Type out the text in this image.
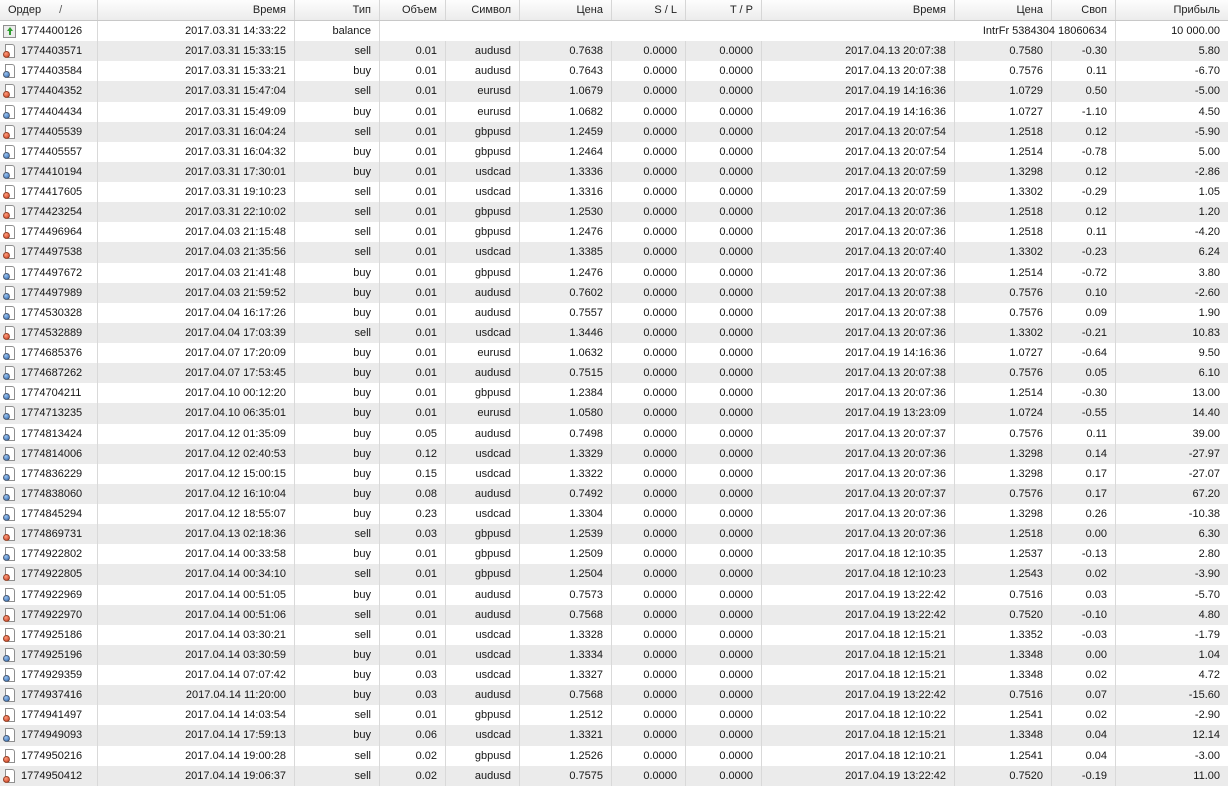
Ордер /	Время	Тип	Объем	Символ	Цена	S / L	T / P	Время	Цена	Своп	Прибыль
1774400126	2017.03.31 14:33:22	balance	IntrFr 5384304 18060634	10 000.00
1774403571	2017.03.31 15:33:15	sell	0.01	audusd	0.7638	0.0000	0.0000	2017.04.13 20:07:38	0.7580	-0.30	5.80
1774403584	2017.03.31 15:33:21	buy	0.01	audusd	0.7643	0.0000	0.0000	2017.04.13 20:07:38	0.7576	0.11	-6.70
1774404352	2017.03.31 15:47:04	sell	0.01	eurusd	1.0679	0.0000	0.0000	2017.04.19 14:16:36	1.0729	0.50	-5.00
1774404434	2017.03.31 15:49:09	buy	0.01	eurusd	1.0682	0.0000	0.0000	2017.04.19 14:16:36	1.0727	-1.10	4.50
1774405539	2017.03.31 16:04:24	sell	0.01	gbpusd	1.2459	0.0000	0.0000	2017.04.13 20:07:54	1.2518	0.12	-5.90
1774405557	2017.03.31 16:04:32	buy	0.01	gbpusd	1.2464	0.0000	0.0000	2017.04.13 20:07:54	1.2514	-0.78	5.00
1774410194	2017.03.31 17:30:01	buy	0.01	usdcad	1.3336	0.0000	0.0000	2017.04.13 20:07:59	1.3298	0.12	-2.86
1774417605	2017.03.31 19:10:23	sell	0.01	usdcad	1.3316	0.0000	0.0000	2017.04.13 20:07:59	1.3302	-0.29	1.05
1774423254	2017.03.31 22:10:02	sell	0.01	gbpusd	1.2530	0.0000	0.0000	2017.04.13 20:07:36	1.2518	0.12	1.20
1774496964	2017.04.03 21:15:48	sell	0.01	gbpusd	1.2476	0.0000	0.0000	2017.04.13 20:07:36	1.2518	0.11	-4.20
1774497538	2017.04.03 21:35:56	sell	0.01	usdcad	1.3385	0.0000	0.0000	2017.04.13 20:07:40	1.3302	-0.23	6.24
1774497672	2017.04.03 21:41:48	buy	0.01	gbpusd	1.2476	0.0000	0.0000	2017.04.13 20:07:36	1.2514	-0.72	3.80
1774497989	2017.04.03 21:59:52	buy	0.01	audusd	0.7602	0.0000	0.0000	2017.04.13 20:07:38	0.7576	0.10	-2.60
1774530328	2017.04.04 16:17:26	buy	0.01	audusd	0.7557	0.0000	0.0000	2017.04.13 20:07:38	0.7576	0.09	1.90
1774532889	2017.04.04 17:03:39	sell	0.01	usdcad	1.3446	0.0000	0.0000	2017.04.13 20:07:36	1.3302	-0.21	10.83
1774685376	2017.04.07 17:20:09	buy	0.01	eurusd	1.0632	0.0000	0.0000	2017.04.19 14:16:36	1.0727	-0.64	9.50
1774687262	2017.04.07 17:53:45	buy	0.01	audusd	0.7515	0.0000	0.0000	2017.04.13 20:07:38	0.7576	0.05	6.10
1774704211	2017.04.10 00:12:20	buy	0.01	gbpusd	1.2384	0.0000	0.0000	2017.04.13 20:07:36	1.2514	-0.30	13.00
1774713235	2017.04.10 06:35:01	buy	0.01	eurusd	1.0580	0.0000	0.0000	2017.04.19 13:23:09	1.0724	-0.55	14.40
1774813424	2017.04.12 01:35:09	buy	0.05	audusd	0.7498	0.0000	0.0000	2017.04.13 20:07:37	0.7576	0.11	39.00
1774814006	2017.04.12 02:40:53	buy	0.12	usdcad	1.3329	0.0000	0.0000	2017.04.13 20:07:36	1.3298	0.14	-27.97
1774836229	2017.04.12 15:00:15	buy	0.15	usdcad	1.3322	0.0000	0.0000	2017.04.13 20:07:36	1.3298	0.17	-27.07
1774838060	2017.04.12 16:10:04	buy	0.08	audusd	0.7492	0.0000	0.0000	2017.04.13 20:07:37	0.7576	0.17	67.20
1774845294	2017.04.12 18:55:07	buy	0.23	usdcad	1.3304	0.0000	0.0000	2017.04.13 20:07:36	1.3298	0.26	-10.38
1774869731	2017.04.13 02:18:36	sell	0.03	gbpusd	1.2539	0.0000	0.0000	2017.04.13 20:07:36	1.2518	0.00	6.30
1774922802	2017.04.14 00:33:58	buy	0.01	gbpusd	1.2509	0.0000	0.0000	2017.04.18 12:10:35	1.2537	-0.13	2.80
1774922805	2017.04.14 00:34:10	sell	0.01	gbpusd	1.2504	0.0000	0.0000	2017.04.18 12:10:23	1.2543	0.02	-3.90
1774922969	2017.04.14 00:51:05	buy	0.01	audusd	0.7573	0.0000	0.0000	2017.04.19 13:22:42	0.7516	0.03	-5.70
1774922970	2017.04.14 00:51:06	sell	0.01	audusd	0.7568	0.0000	0.0000	2017.04.19 13:22:42	0.7520	-0.10	4.80
1774925186	2017.04.14 03:30:21	sell	0.01	usdcad	1.3328	0.0000	0.0000	2017.04.18 12:15:21	1.3352	-0.03	-1.79
1774925196	2017.04.14 03:30:59	buy	0.01	usdcad	1.3334	0.0000	0.0000	2017.04.18 12:15:21	1.3348	0.00	1.04
1774929359	2017.04.14 07:07:42	buy	0.03	usdcad	1.3327	0.0000	0.0000	2017.04.18 12:15:21	1.3348	0.02	4.72
1774937416	2017.04.14 11:20:00	buy	0.03	audusd	0.7568	0.0000	0.0000	2017.04.19 13:22:42	0.7516	0.07	-15.60
1774941497	2017.04.14 14:03:54	sell	0.01	gbpusd	1.2512	0.0000	0.0000	2017.04.18 12:10:22	1.2541	0.02	-2.90
1774949093	2017.04.14 17:59:13	buy	0.06	usdcad	1.3321	0.0000	0.0000	2017.04.18 12:15:21	1.3348	0.04	12.14
1774950216	2017.04.14 19:00:28	sell	0.02	gbpusd	1.2526	0.0000	0.0000	2017.04.18 12:10:21	1.2541	0.04	-3.00
1774950412	2017.04.14 19:06:37	sell	0.02	audusd	0.7575	0.0000	0.0000	2017.04.19 13:22:42	0.7520	-0.19	11.00
